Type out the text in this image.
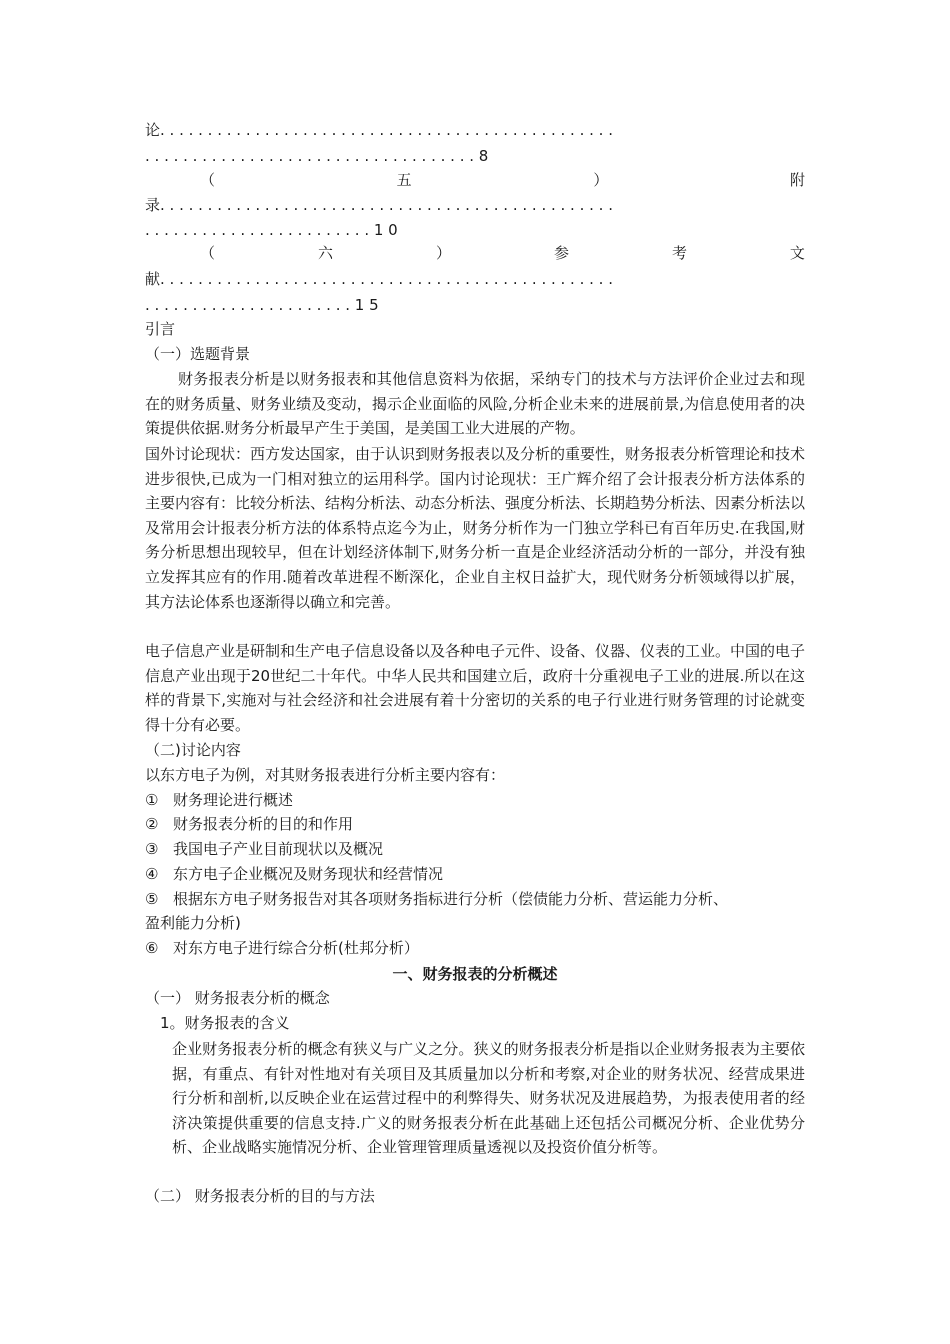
论. . . . . . . . . . . . . . . . . . . . . . . . . . . . . . . . . . . . . . . . . . . . . . . .
. . . . . . . . . . . . . . . . . . . . . . . . . . . . . . . . . . . 8
（	五	）	附
录. . . . . . . . . . . . . . . . . . . . . . . . . . . . . . . . . . . . . . . . . . . . . . . .
. . . . . . . . . . . . . . . . . . . . . . . . 1 0
（	六	）	参	考	文
献. . . . . . . . . . . . . . . . . . . . . . . . . . . . . . . . . . . . . . . . . . . . . . . .
. . . . . . . . . . . . . . . . . . . . . . 1 5
引言
（一）选题背景
财务报表分析是以财务报表和其他信息资料为依据，采纳专门的技术与方法评价企业过去和现在的财务质量、财务业绩及变动，揭示企业面临的风险,分析企业未来的进展前景,为信息使用者的决策提供依据.财务分析最早产生于美国，是美国工业大进展的产物。
国外讨论现状：西方发达国家，由于认识到财务报表以及分析的重要性，财务报表分析管理论和技术进步很快,已成为一门相对独立的运用科学。国内讨论现状：王广辉介绍了会计报表分析方法体系的主要内容有：比较分析法、结构分析法、动态分析法、强度分析法、长期趋势分析法、因素分析法以及常用会计报表分析方法的体系特点迄今为止，财务分析作为一门独立学科已有百年历史.在我国,财务分析思想出现较早，但在计划经济体制下,财务分析一直是企业经济活动分析的一部分，并没有独立发挥其应有的作用.随着改革进程不断深化，企业自主权日益扩大，现代财务分析领域得以扩展，其方法论体系也逐渐得以确立和完善。
电子信息产业是研制和生产电子信息设备以及各种电子元件、设备、仪器、仪表的工业。中国的电子信息产业出现于20世纪二十年代。中华人民共和国建立后，政府十分重视电子工业的进展.所以在这样的背景下,实施对与社会经济和社会进展有着十分密切的关系的电子行业进行财务管理的讨论就变得十分有必要。
（二)讨论内容
以东方电子为例，对其财务报表进行分析主要内容有：
① 财务理论进行概述
② 财务报表分析的目的和作用
③ 我国电子产业目前现状以及概况
④ 东方电子企业概况及财务现状和经营情况
⑤ 根据东方电子财务报告对其各项财务指标进行分析（偿债能力分析、营运能力分析、
盈利能力分析)
⑥ 对东方电子进行综合分析(杜邦分析）
一、财务报表的分析概述
（一） 财务报表分析的概念
1。财务报表的含义
企业财务报表分析的概念有狭义与广义之分。狭义的财务报表分析是指以企业财务报表为主要依据，有重点、有针对性地对有关项目及其质量加以分析和考察,对企业的财务状况、经营成果进行分析和剖析,以反映企业在运营过程中的利弊得失、财务状况及进展趋势，为报表使用者的经济决策提供重要的信息支持.广义的财务报表分析在此基础上还包括公司概况分析、企业优势分析、企业战略实施情况分析、企业管理管理质量透视以及投资价值分析等。
（二） 财务报表分析的目的与方法
